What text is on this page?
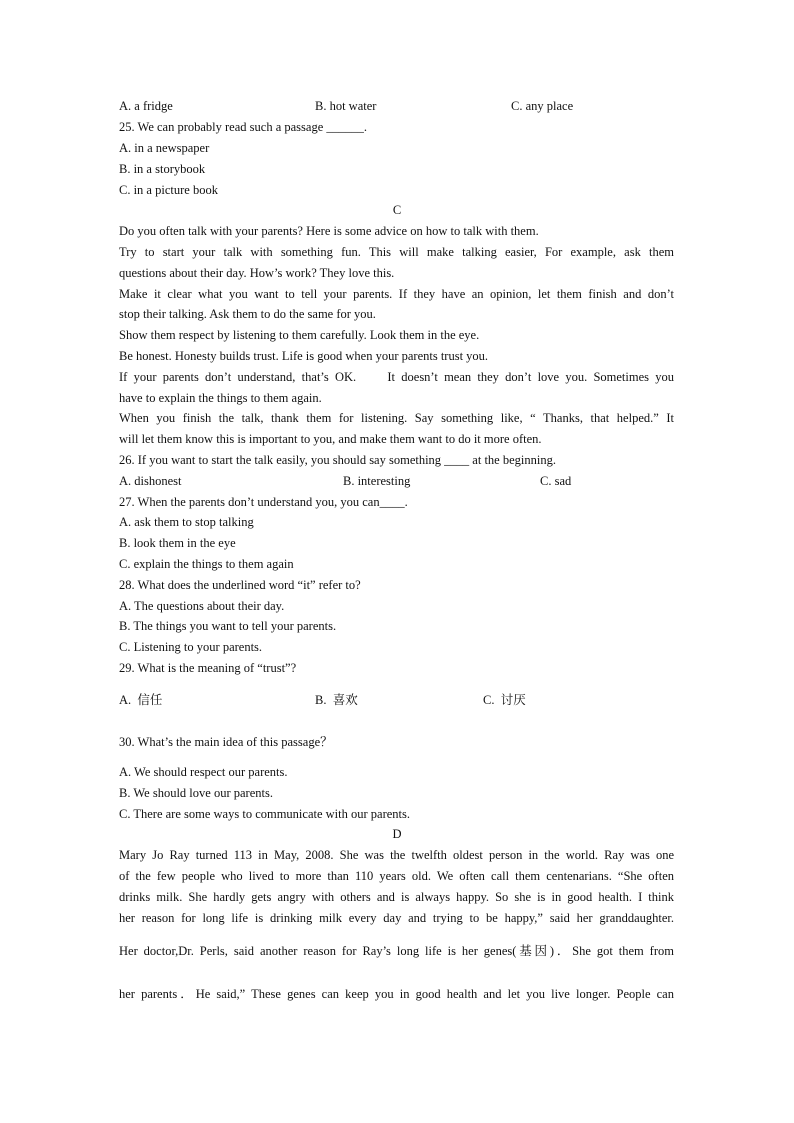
A. a fridge	B. hot water	C. any place
25. We can probably read such a passage ______.
A. in a newspaper
B. in a storybook
C. in a picture book
C
Do you often talk with your parents? Here is some advice on how to talk with them.
Try to start your talk with something fun. This will make talking easier, For example, ask them
questions about their day. How’s work? They love this.
Make it clear what you want to tell your parents. If they have an opinion, let them finish and don’t
stop their talking. Ask them to do the same for you.
Show them respect by listening to them carefully. Look them in the eye.
Be honest. Honesty builds trust. Life is good when your parents trust you.
If your parents don’t understand, that’s OK.     It doesn’t mean they don’t love you. Sometimes you
have to explain the things to them again.
When you finish the talk, thank them for listening. Say something like, “ Thanks, that helped.” It
will let them know this is important to you, and make them want to do it more often.
26. If you want to start the talk easily, you should say something ____ at the beginning.
A. dishonest	B. interesting	C. sad
27. When the parents don’t understand you, you can____.
A. ask them to stop talking
B. look them in the eye
C. explain the things to them again
28. What does the underlined word “it” refer to?
A. The questions about their day.
B. The things you want to tell your parents.
C. Listening to your parents.
29. What is the meaning of “trust”?
A. 信任	B. 喜欢	C. 讨厌
30. What’s the main idea of this passage？
A. We should respect our parents.
B. We should love our parents.
C. There are some ways to communicate with our parents.
D
Mary Jo Ray turned 113 in May, 2008. She was the twelfth oldest person in the world. Ray was one
of the few people who lived to more than 110 years old. We often call them centenarians. “She often
drinks milk. She hardly gets angry with others and is always happy. So she is in good health. I think
her reason for long life is drinking milk every day and trying to be happy,” said her granddaughter.
Her doctor,Dr. Perls, said another reason for Ray’s long life is her genes(基因)．She got them from
her parents．He said,” These genes can keep you in good health and let you live longer. People can
